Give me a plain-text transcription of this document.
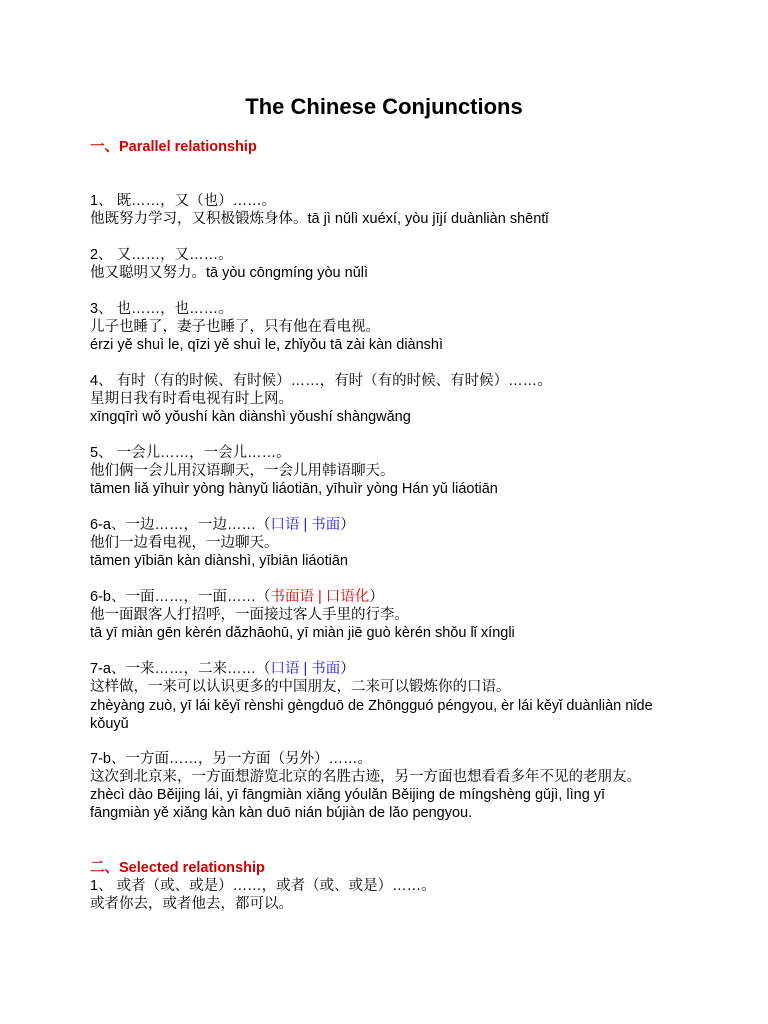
The Chinese Conjunctions
一、Parallel relationship
1、 既……，又（也）……。
他既努力学习，又积极锻炼身体。tā jì nǔlì xuéxí, yòu jījí duànliàn shēntǐ
2、 又……，又……。
他又聪明又努力。tā yòu cōngmíng yòu nǔlì
3、 也……，也……。
儿子也睡了，妻子也睡了，只有他在看电视。
érzi yě shuì le, qīzi yě shuì le, zhǐyǒu tā zài kàn diànshì
4、 有时（有的时候、有时候）……，有时（有的时候、有时候）……。
星期日我有时看电视有时上网。
xīngqīrì wǒ yǒushí kàn diànshì yǒushí shàngwǎng
5、 一会儿……，一会儿……。
他们俩一会儿用汉语聊天，一会儿用韩语聊天。
tāmen liǎ yīhuìr yòng hànyǔ liáotiān, yīhuìr yòng Hán yǔ liáotiān
6-a、一边……，一边……（口语 | 书面）
他们一边看电视，一边聊天。
tāmen yībiān kàn diànshì, yībiān liáotiān
6-b、一面……，一面……（书面语 | 口语化）
他一面跟客人打招呼，一面接过客人手里的行李。
tā yī miàn gēn kèrén dǎzhāohū, yī miàn jiē guò kèrén shǒu lǐ xíngli
7-a、一来……，二来……（口语 | 书面）
这样做，一来可以认识更多的中国朋友，二来可以锻炼你的口语。
zhèyàng zuò, yī lái kěyǐ rènshi gèngduō de Zhōngguó péngyou, èr lái kěyǐ duànliàn nǐde
kǒuyǔ
7-b、一方面……，另一方面（另外）……。
这次到北京来，一方面想游览北京的名胜古迹，另一方面也想看看多年不见的老朋友。
zhècì dào Běijing lái, yī fāngmiàn xiǎng yóulǎn Běijing de míngshèng gǔjì, lìng yī
fāngmiàn yě xiǎng kàn kàn duō nián bújiàn de lǎo pengyou.
二、Selected relationship
1、 或者（或、或是）……，或者（或、或是）……。
或者你去，或者他去，都可以。
